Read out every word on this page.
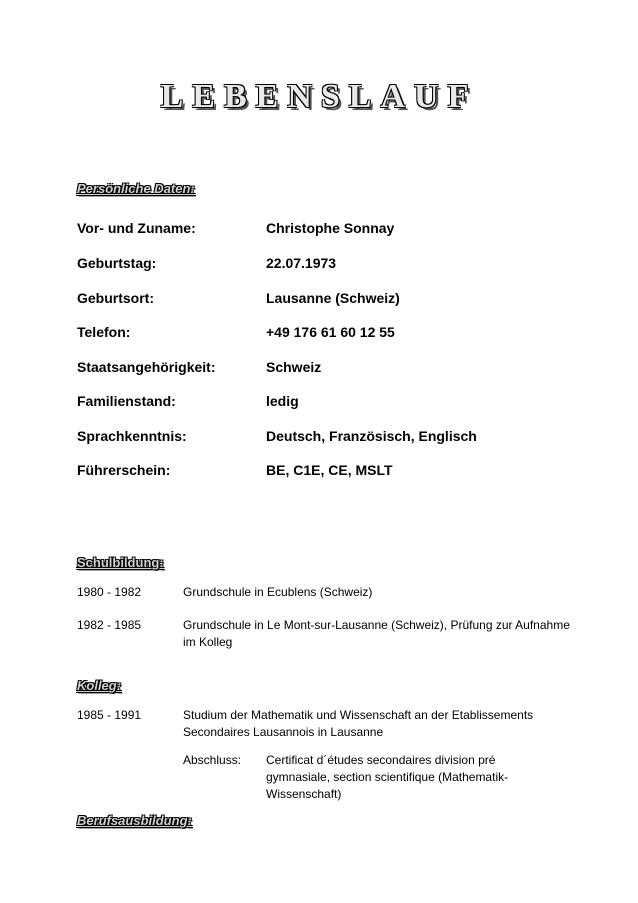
LEBENSLAUF
Persönliche Daten:
Vor- und Zuname:	Christophe Sonnay
Geburtstag:	22.07.1973
Geburtsort:	Lausanne (Schweiz)
Telefon:	+49 176 61 60 12 55
Staatsangehörigkeit:	Schweiz
Familienstand:	ledig
Sprachkenntnis:	Deutsch, Französisch, Englisch
Führerschein:	BE, C1E, CE, MSLT
Schulbildung:
1980 - 1982	Grundschule in Ecublens (Schweiz)
1982 - 1985	Grundschule in Le Mont-sur-Lausanne (Schweiz), Prüfung zur Aufnahme im Kolleg
Kolleg:
1985 - 1991	Studium der Mathematik und Wissenschaft an der Etablissements Secondaires Lausannois in Lausanne
Abschluss: Certificat d´études secondaires division pré gymnasiale, section scientifique (Mathematik-Wissenschaft)
Berufsausbildung:
